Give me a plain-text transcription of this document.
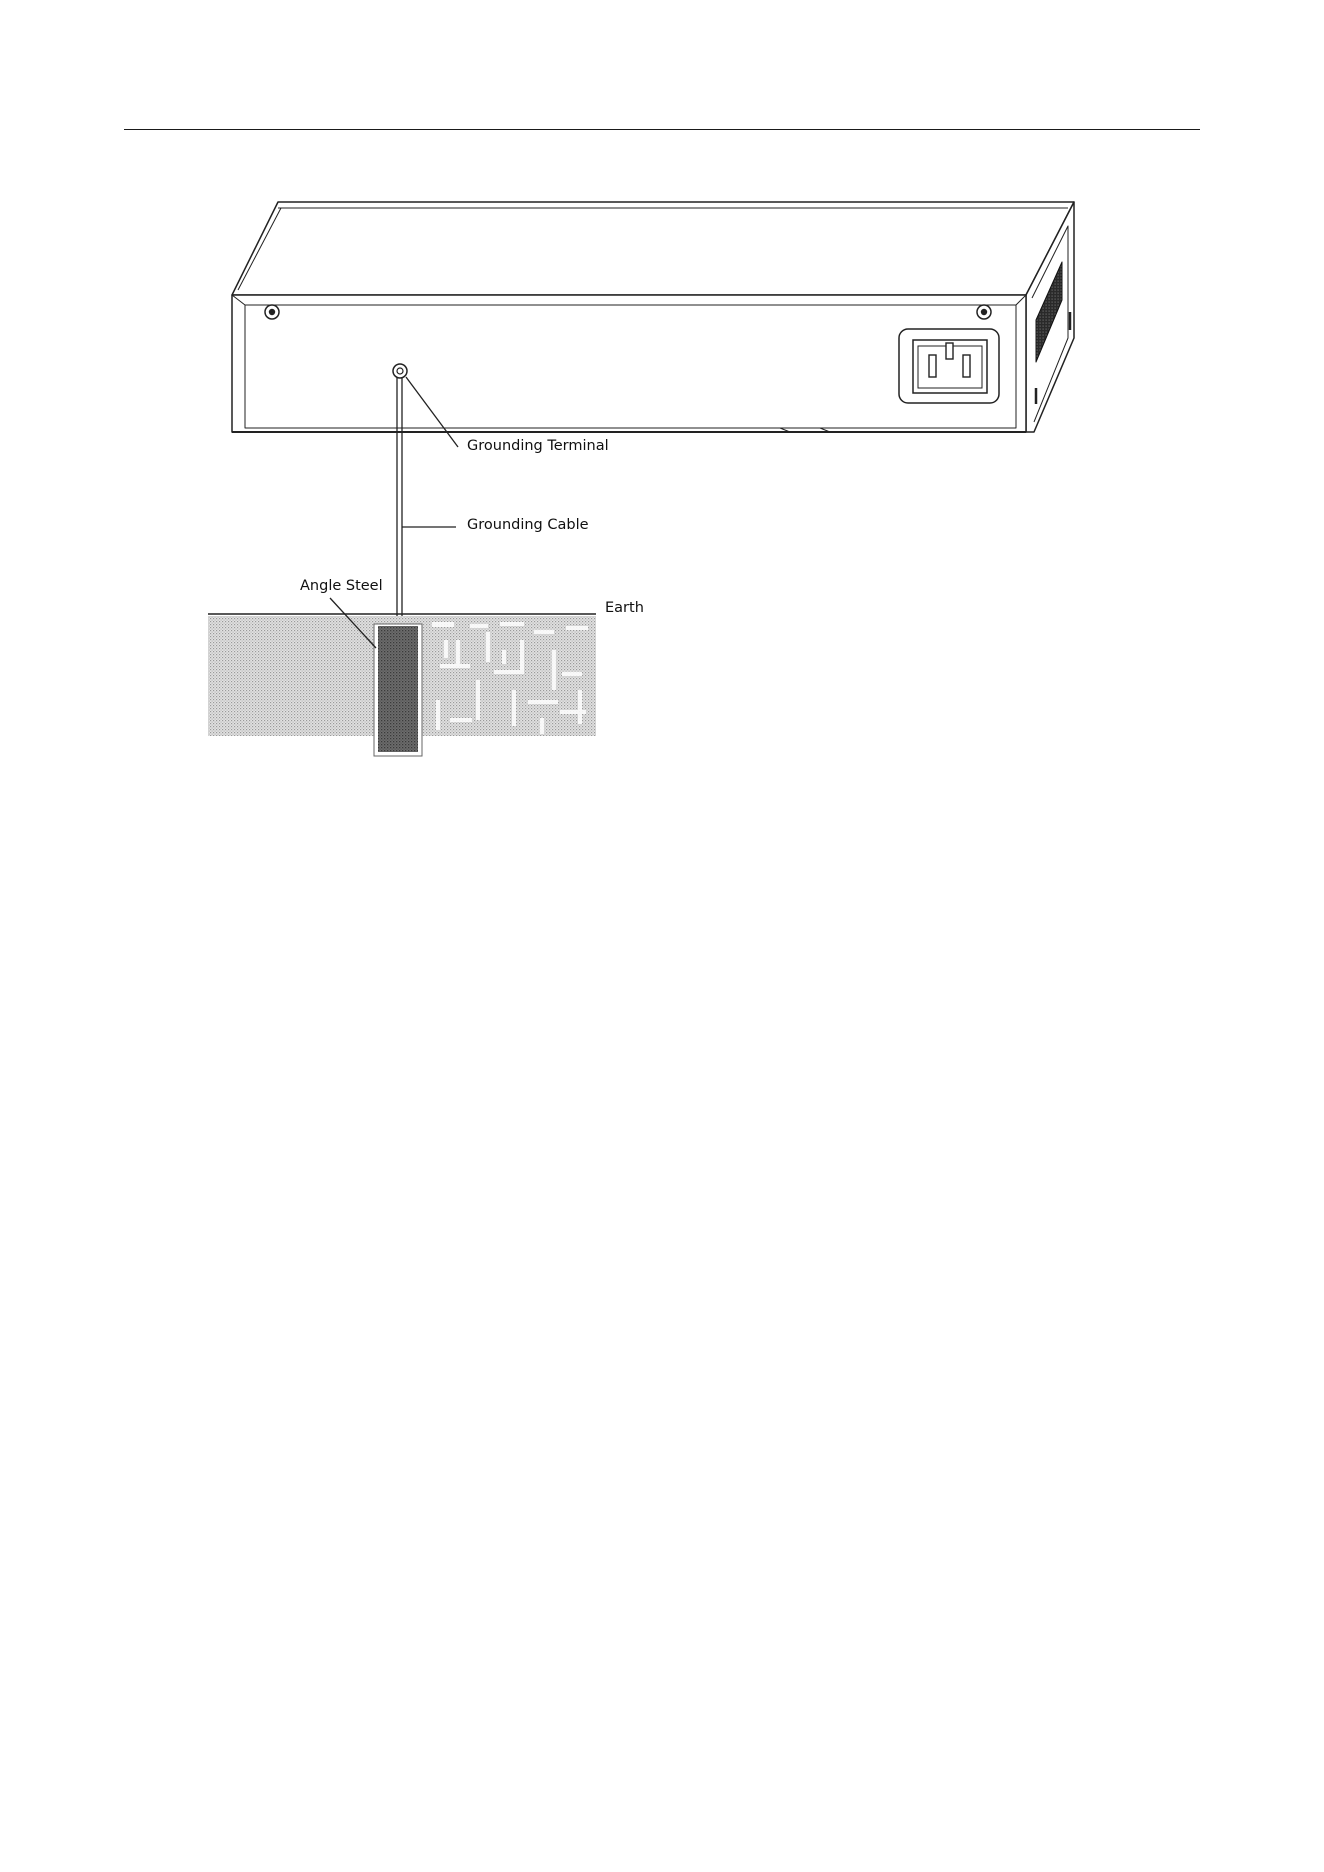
Grounding Terminal
Grounding Cable
Angle Steel
Earth
